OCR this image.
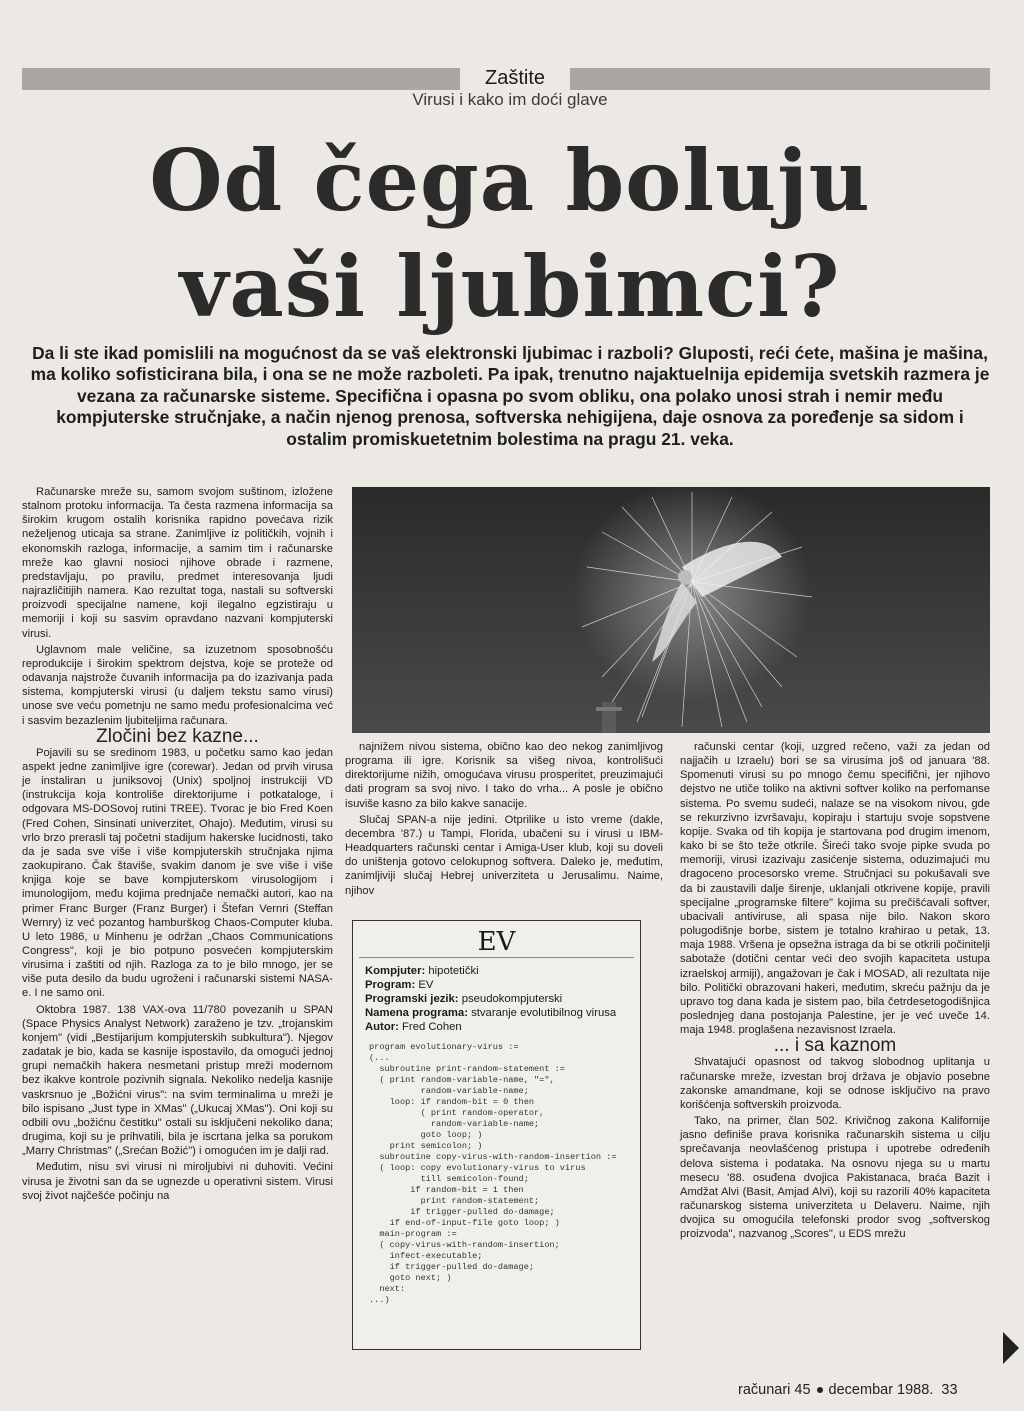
Zaštite
Virusi i kako im doći glave
Od čega boluju
vaši ljubimci?
Da li ste ikad pomislili na mogućnost da se vaš elektronski ljubimac i razboli? Gluposti, reći ćete, mašina je mašina, ma koliko sofisticirana bila, i ona se ne može razboleti. Pa ipak, trenutno najaktuelnija epidemija svetskih razmera je vezana za računarske sisteme. Specifična i opasna po svom obliku, ona polako unosi strah i nemir među kompjuterske stručnjake, a način njenog prenosa, softverska nehigijena, daje osnova za poređenje sa sidom i ostalim promiskuetetnim bolestima na pragu 21. veka.

Računarske mreže su, samom svojom suštinom, izložene stalnom protoku informacija. Ta česta razmena informacija sa širokim krugom ostalih korisnika rapidno povećava rizik neželjenog uticaja sa strane. Zanimljive iz političkih, vojnih i ekonomskih razloga, informacije, a samim tim i računarske mreže kao glavni nosioci njihove obrade i razmene, predstavljaju, po pravilu, predmet interesovanja ljudi najrazličitijih namera. Kao rezultat toga, nastali su softverski proizvodi specijalne namene, koji ilegalno egzistiraju u memoriji i koji su sasvim opravdano nazvani kompjuterski virusi.

Uglavnom male veličine, sa izuzetnom sposobnošću reprodukcije i širokim spektrom dejstva, koje se proteže od odavanja najstrože čuvanih informacija pa do izazivanja pada sistema, kompjuterski virusi (u daljem tekstu samo virusi) unose sve veću pometnju ne samo među profesionalcima već i sasvim bezazlenim ljubiteljima računara.

Zločini bez kazne...

Pojavili su se sredinom 1983, u početku samo kao jedan aspekt jedne zanimljive igre (corewar). Jedan od prvih virusa je instaliran u juniksovoj (Unix) spoljnoj instrukciji VD (instrukcija koja kontroliše direktorijume i potkataloge, i odgovara MS-DOSovoj rutini TREE). Tvorac je bio Fred Koen (Fred Cohen, Sinsinati univerzitet, Ohajo). Međutim, virusi su vrlo brzo prerasli taj početni stadijum hakerske lucidnosti, tako da je sada sve više i više kompjuterskih stručnjaka njima zaokupirano. Čak štaviše, svakim danom je sve više i više knjiga koje se bave kompjuterskom virusologijom i imunologijom, među kojima prednjače nemački autori, kao na primer Franc Burger (Franz Burger) i Štefan Vernri (Steffan Wernry) iz već pozantog hamburškog Chaos-Computer kluba. U leto 1986, u Minhenu je održan „Chaos Communications Congress", koji je bio potpuno posvećen kompjuterskim virusima i zaštiti od njih. Razloga za to je bilo mnogo, jer se više puta desilo da budu ugroženi i računarski sistemi NASA-e. I ne samo oni.

Oktobra 1987. 138 VAX-ova 11/780 povezanih u SPAN (Space Physics Analyst Network) zaraženo je tzv. „trojanskim konjem" (vidi „Bestijarijum kompjuterskih subkultura"). Njegov zadatak je bio, kada se kasnije ispostavilo, da omogući jednoj grupi nemačkih hakera nesmetani pristup mreži modernom bez ikakve kontrole pozivnih signala. Nekoliko nedelja kasnije vaskrsnuo je „Božićni virus": na svim terminalima u mreži je bilo ispisano „Just type in XMas" („Ukucaj XMas"). Oni koji su odbili ovu „božićnu čestitku" ostali su isključeni nekoliko dana; drugima, koji su je prihvatili, bila je iscrtana jelka sa porukom „Marry Christmas" („Srećan Božić") i omogućen im je dalji rad.

Međutim, nisu svi virusi ni miroljubivi ni duhoviti. Većini virusa je životni san da se ugnezde u operativni sistem. Virusi svoj život najčešće počinju na

najnižem nivou sistema, obično kao deo nekog zanimljivog programa ili igre. Korisnik sa višeg nivoa, kontrolišući direktorijume nižih, omogućava virusu prosperitet, preuzimajući dati program sa svoj nivo. I tako do vrha... A posle je obično isuviše kasno za bilo kakve sanacije.

Slučaj SPAN-a nije jedini. Otprilike u isto vreme (dakle, decembra '87.) u Tampi, Florida, ubačeni su i virusi u IBM-Headquarters računski centar i Amiga-User klub, koji su doveli do uništenja gotovo celokupnog softvera. Daleko je, međutim, zanimljiviji slučaj Hebrej univerziteta u Jerusalimu. Naime, njihov

EV
Kompjuter: hipotetički
Program: EV
Programski jezik: pseudokompjuterski
Namena programa: stvaranje evolutibilnog virusa
Autor: Fred Cohen
program evolutionary-virus :=
(...
subroutine print-random-statement :=
( print random-variable-name, "=",
random-variable-name;
loop: if random-bit = 0 then
( print random-operator,
random-variable-name;
goto loop; )
print semicolon; )
subroutine copy-virus-with-random-insertion :=
( loop: copy evolutionary-virus to virus
till semicolon-found;
if random-bit = 1 then
print random-statement;
if trigger-pulled do-damage;
if end-of-input-file goto loop; )
main-program :=
( copy-virus-with-random-insertion;
infect-executable;
if trigger-pulled do-damage;
goto next; )
next:
...)

računski centar (koji, uzgred rečeno, važi za jedan od najjačih u Izraelu) bori se sa virusima još od januara '88. Spomenuti virusi su po mnogo čemu specifični, jer njihovo dejstvo ne utiče toliko na aktivni softver koliko na perfomanse sistema. Po svemu sudeći, nalaze se na visokom nivou, gde se rekurzivno izvršavaju, kopiraju i startuju svoje sopstvene kopije. Svaka od tih kopija je startovana pod drugim imenom, kako bi se što teže otkrile. Šireći tako svoje pipke svuda po memoriji, virusi izazivaju zasićenje sistema, oduzimajući mu dragoceno procesorsko vreme. Stručnjaci su pokušavali sve da bi zaustavili dalje širenje, uklanjali otkrivene kopije, pravili specijalne „programske filtere" kojima su prečišćavali softver, ubacivali antiviruse, ali spasa nije bilo. Nakon skoro polugodišnje borbe, sistem je totalno krahirao u petak, 13. maja 1988. Vršena je opsežna istraga da bi se otkrili počinitelji sabotaže (dotični centar veći deo svojih kapaciteta ustupa izraelskoj armiji), angažovan je čak i MOSAD, ali rezultata nije bilo. Politički obrazovani hakeri, međutim, skreću pažnju da je upravo tog dana kada je sistem pao, bila četrdesetogodišnjica poslednjeg dana postojanja Palestine, jer je već uveče 14. maja 1948. proglašena nezavisnost Izraela.

... i sa kaznom

Shvatajući opasnost od takvog slobodnog uplitanja u računarske mreže, izvestan broj država je objavio posebne zakonske amandmane, koji se odnose isključivo na pravo korišćenja softverskih proizvoda.

Tako, na primer, član 502. Krivičnog zakona Kalifornije jasno definiše prava korisnika računarskih sistema u cilju sprečavanja neovlašćenog pristupa i upotrebe određenih delova sistema i podataka. Na osnovu njega su u martu mesecu '88. osuđena dvojica Pakistanaca, braća Bazit i Amdžat Alvi (Basit, Amjad Alvi), koji su razorili 40% kapaciteta računarskog sistema univerziteta u Delaveru. Naime, njih dvojica su omogućila telefonski prodor svog „softverskog proizvoda", nazvanog „Scores", u EDS mrežu

računari 45 decembar 1988. 33
